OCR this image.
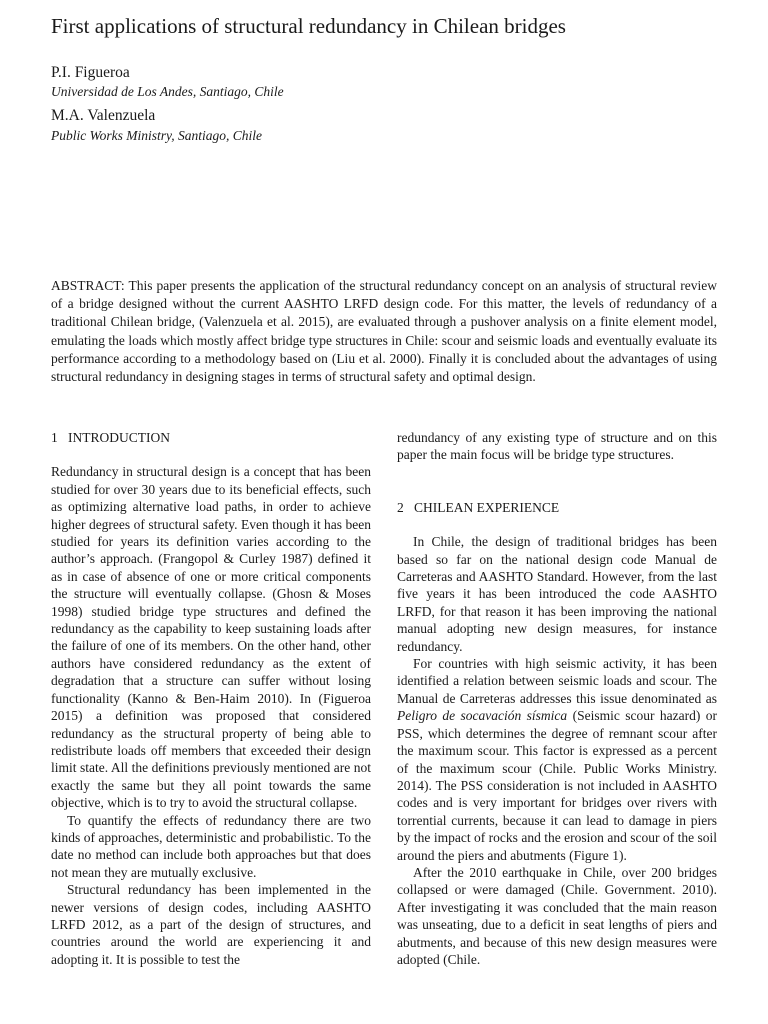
First applications of structural redundancy in Chilean bridges

P.I. Figueroa

Universidad de Los Andes, Santiago, Chile

M.A. Valenzuela

Public Works Ministry, Santiago, Chile

ABSTRACT: This paper presents the application of the structural redundancy concept on an analysis of structural review of a bridge designed without the current AASHTO LRFD design code. For this matter, the levels of redundancy of a traditional Chilean bridge, (Valenzuela et al. 2015), are evaluated through a pushover analysis on a finite element model, emulating the loads which mostly affect bridge type structures in Chile: scour and seismic loads and eventually evaluate its performance according to a methodology based on (Liu et al. 2000). Finally it is concluded about the advantages of using structural redundancy in designing stages in terms of structural safety and optimal design.

1 INTRODUCTION

Redundancy in structural design is a concept that has been studied for over 30 years due to its beneficial effects, such as optimizing alternative load paths, in order to achieve higher degrees of structural safety. Even though it has been studied for years its definition varies according to the author’s approach. (Frangopol & Curley 1987) defined it as in case of absence of one or more critical components the structure will eventually collapse. (Ghosn & Moses 1998) studied bridge type structures and defined the redundancy as the capability to keep sustaining loads after the failure of one of its members. On the other hand, other authors have considered redundancy as the extent of degradation that a structure can suffer without losing functionality (Kanno & Ben-Haim 2010). In (Figueroa 2015) a definition was proposed that considered redundancy as the structural property of being able to redistribute loads off members that exceeded their design limit state. All the definitions previously mentioned are not exactly the same but they all point towards the same objective, which is to try to avoid the structural collapse.

To quantify the effects of redundancy there are two kinds of approaches, deterministic and probabilistic. To the date no method can include both approaches but that does not mean they are mutually exclusive.

Structural redundancy has been implemented in the newer versions of design codes, including AASHTO LRFD 2012, as a part of the design of structures, and countries around the world are experiencing it and adopting it. It is possible to test the

redundancy of any existing type of structure and on this paper the main focus will be bridge type structures.

2 CHILEAN EXPERIENCE

In Chile, the design of traditional bridges has been based so far on the national design code Manual de Carreteras and AASHTO Standard. However, from the last five years it has been introduced the code AASHTO LRFD, for that reason it has been improving the national manual adopting new design measures, for instance redundancy.

For countries with high seismic activity, it has been identified a relation between seismic loads and scour. The Manual de Carreteras addresses this issue denominated as Peligro de socavación sísmica (Seismic scour hazard) or PSS, which determines the degree of remnant scour after the maximum scour. This factor is expressed as a percent of the maximum scour (Chile. Public Works Ministry. 2014). The PSS consideration is not included in AASHTO codes and is very important for bridges over rivers with torrential currents, because it can lead to damage in piers by the impact of rocks and the erosion and scour of the soil around the piers and abutments (Figure 1).

After the 2010 earthquake in Chile, over 200 bridges collapsed or were damaged (Chile. Government. 2010). After investigating it was concluded that the main reason was unseating, due to a deficit in seat lengths of piers and abutments, and because of this new design measures were adopted (Chile.
